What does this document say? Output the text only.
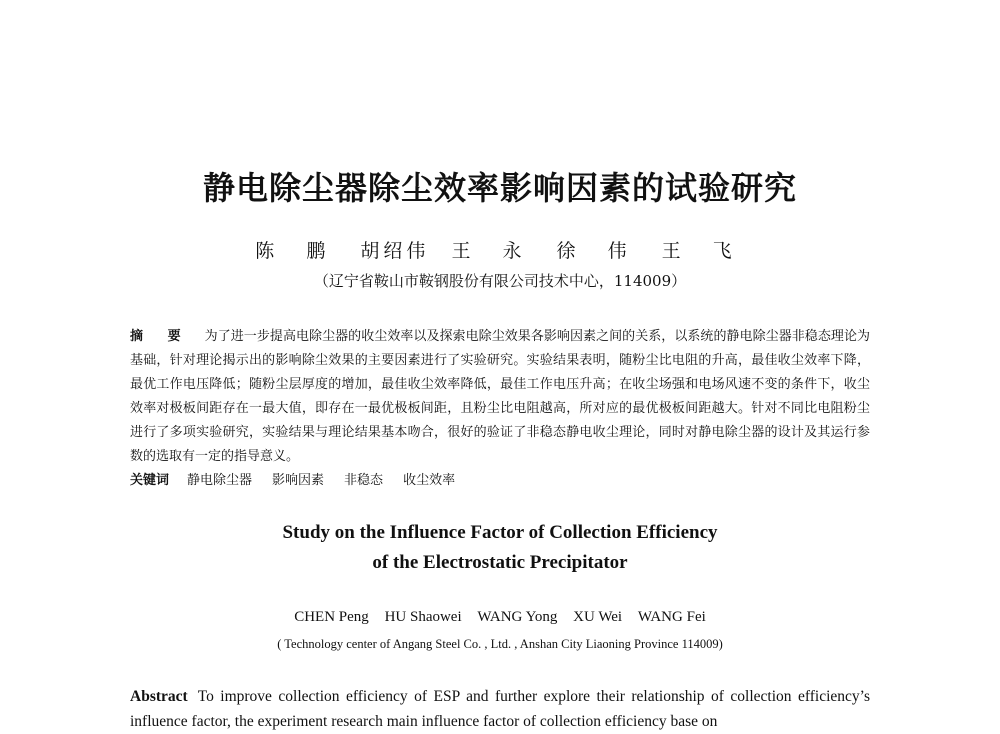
静电除尘器除尘效率影响因素的试验研究
陈 鹏 胡绍伟 王 永 徐 伟 王 飞
（辽宁省鞍山市鞍钢股份有限公司技术中心，114009）
摘 要 为了进一步提高电除尘器的收尘效率以及探索电除尘效果各影响因素之间的关系，以系统的静电除尘器非稳态理论为基础，针对理论揭示出的影响除尘效果的主要因素进行了实验研究。实验结果表明，随粉尘比电阻的升高，最佳收尘效率下降，最优工作电压降低；随粉尘层厚度的增加，最佳收尘效率降低，最佳工作电压升高；在收尘场强和电场风速不变的条件下，收尘效率对极板间距存在一最大值，即存在一最优极板间距，且粉尘比电阻越高，所对应的最优极板间距越大。针对不同比电阻粉尘进行了多项实验研究，实验结果与理论结果基本吻合，很好的验证了非稳态静电收尘理论，同时对静电除尘器的设计及其运行参数的选取有一定的指导意义。
关键词 静电除尘器 影响因素 非稳态 收尘效率
Study on the Influence Factor of Collection Efficiency
of the Electrostatic Precipitator
CHEN Peng HU Shaowei WANG Yong XU Wei WANG Fei
( Technology center of Angang Steel Co. , Ltd. , Anshan City Liaoning Province 114009)
Abstract To improve collection efficiency of ESP and further explore their relationship of collection efficiency’s influence factor, the experiment research main influence factor of collection efficiency base on
